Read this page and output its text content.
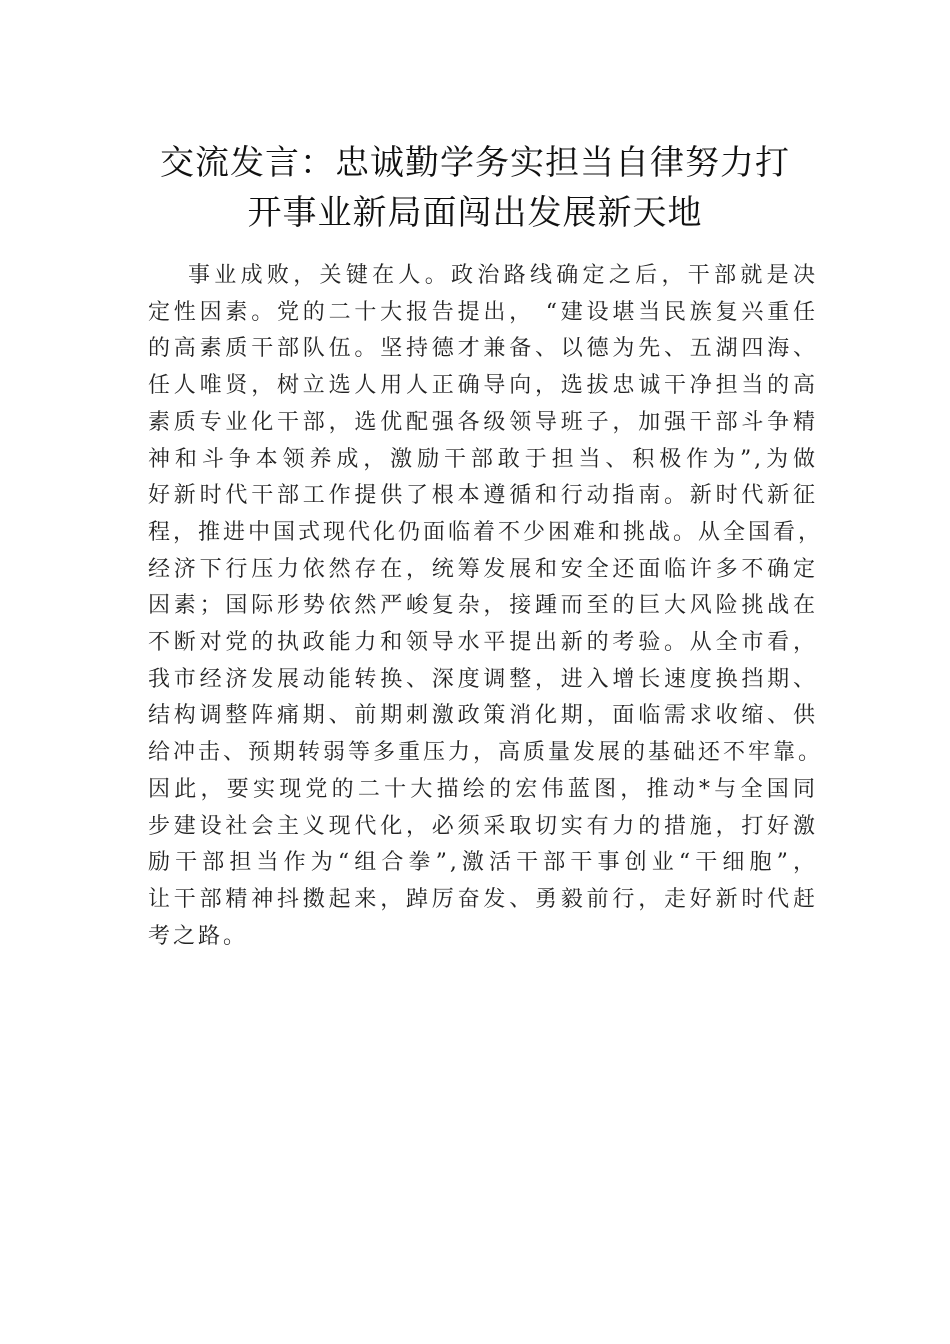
交流发言：忠诚勤学务实担当自律努力打
开事业新局面闯出发展新天地
事业成败，关键在人。政治路线确定之后，干部就是决
定性因素。党的二十大报告提出， “建设堪当民族复兴重任
的高素质干部队伍。坚持德才兼备、以德为先、五湖四海、
任人唯贤，树立选人用人正确导向，选拔忠诚干净担当的高
素质专业化干部，选优配强各级领导班子，加强干部斗争精
神和斗争本领养成，激励干部敢于担当、积极作为”,为做
好新时代干部工作提供了根本遵循和行动指南。新时代新征
程，推进中国式现代化仍面临着不少困难和挑战。从全国看，
经济下行压力依然存在，统筹发展和安全还面临许多不确定
因素；国际形势依然严峻复杂，接踵而至的巨大风险挑战在
不断对党的执政能力和领导水平提出新的考验。从全市看，
我市经济发展动能转换、深度调整，进入增长速度换挡期、
结构调整阵痛期、前期刺激政策消化期，面临需求收缩、供
给冲击、预期转弱等多重压力，高质量发展的基础还不牢靠。
因此，要实现党的二十大描绘的宏伟蓝图，推动*与全国同
步建设社会主义现代化，必须采取切实有力的措施，打好激
励干部担当作为“组合拳”,激活干部干事创业“干细胞”，
让干部精神抖擞起来，踔厉奋发、勇毅前行，走好新时代赶
考之路。
